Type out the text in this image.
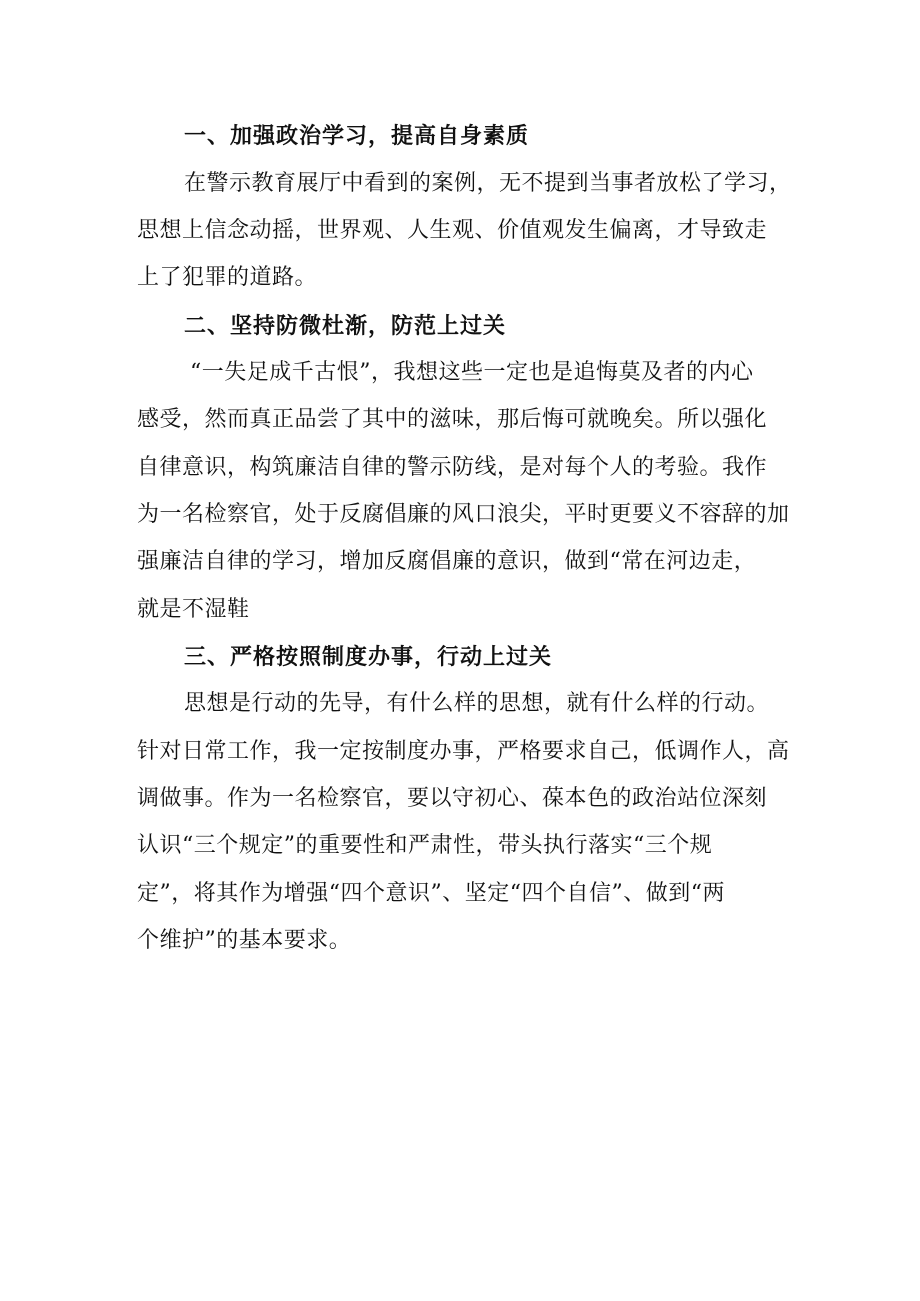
一、加强政治学习，提高自身素质
在警示教育展厅中看到的案例，无不提到当事者放松了学习，
思想上信念动摇，世界观、人生观、价值观发生偏离，才导致走
上了犯罪的道路。
二、坚持防微杜渐，防范上过关
“一失足成千古恨”，我想这些一定也是追悔莫及者的内心
感受，然而真正品尝了其中的滋味，那后悔可就晚矣。所以强化
自律意识，构筑廉洁自律的警示防线，是对每个人的考验。我作
为一名检察官，处于反腐倡廉的风口浪尖，平时更要义不容辞的加
强廉洁自律的学习，增加反腐倡廉的意识，做到“常在河边走，
就是不湿鞋
三、严格按照制度办事，行动上过关
思想是行动的先导，有什么样的思想，就有什么样的行动。
针对日常工作，我一定按制度办事，严格要求自己，低调作人，高
调做事。作为一名检察官，要以守初心、葆本色的政治站位深刻
认识“三个规定”的重要性和严肃性，带头执行落实“三个规
定”，将其作为增强“四个意识”、坚定“四个自信”、做到“两
个维护”的基本要求。
